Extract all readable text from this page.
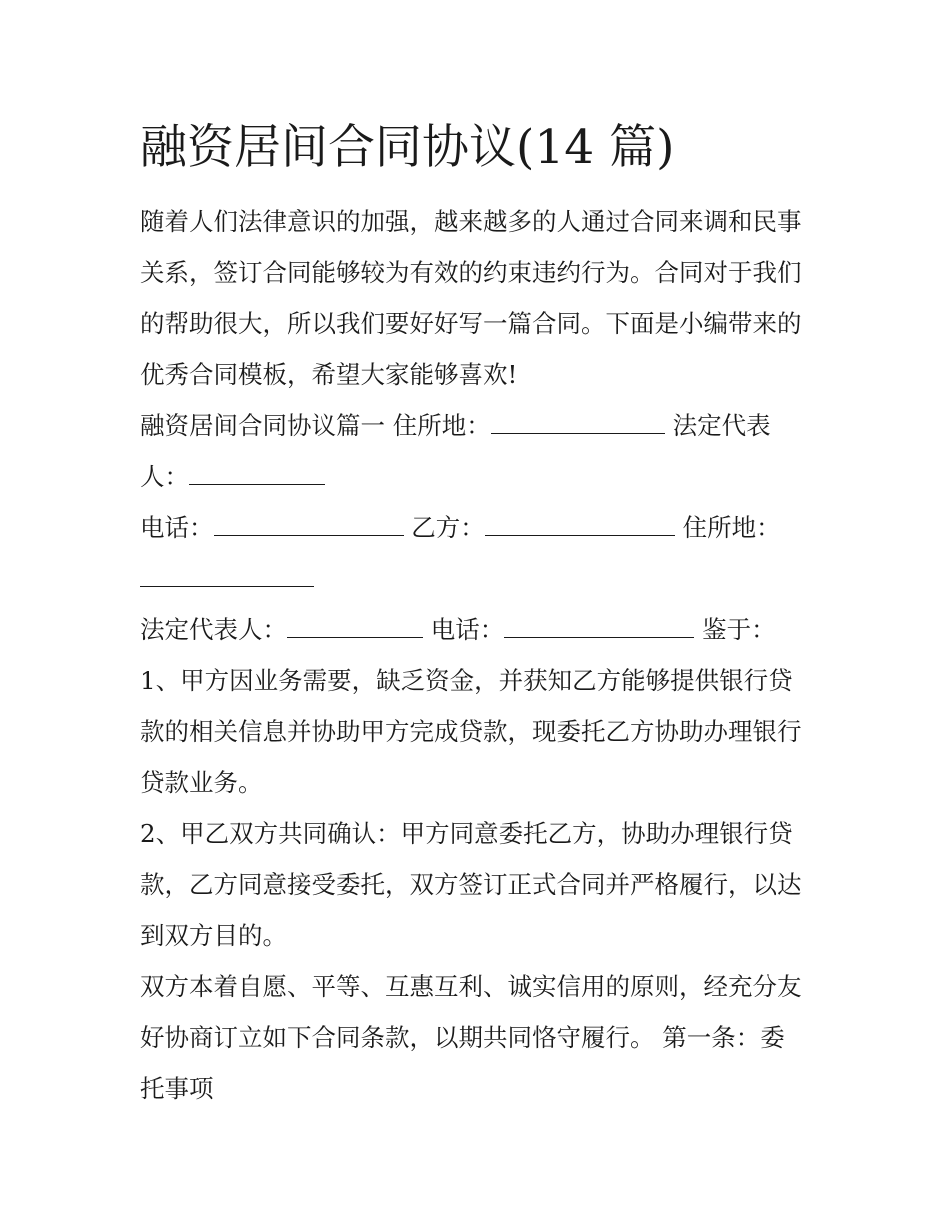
融资居间合同协议(14 篇)
随着人们法律意识的加强，越来越多的人通过合同来调和民事
关系，签订合同能够较为有效的约束违约行为。合同对于我们
的帮助很大，所以我们要好好写一篇合同。下面是小编带来的
优秀合同模板，希望大家能够喜欢!
融资居间合同协议篇一 住所地：	法定代表
人：
电话：	乙方：	住所地：
法定代表人：	电话：	鉴于：
1、甲方因业务需要，缺乏资金，并获知乙方能够提供银行贷
款的相关信息并协助甲方完成贷款，现委托乙方协助办理银行
贷款业务。
2、甲乙双方共同确认：甲方同意委托乙方，协助办理银行贷
款，乙方同意接受委托，双方签订正式合同并严格履行，以达
到双方目的。
双方本着自愿、平等、互惠互利、诚实信用的原则，经充分友
好协商订立如下合同条款，以期共同恪守履行。 第一条：委
托事项
